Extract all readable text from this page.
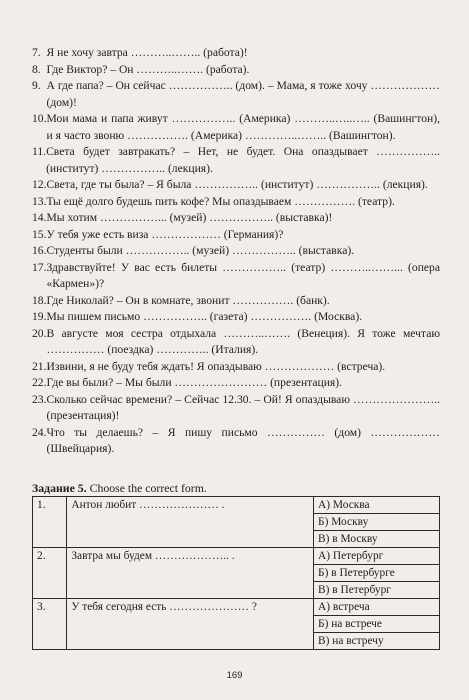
7. Я не хочу завтра ………..…….. (работа)!
8. Где Виктор? – Он ………..……. (работа).
9. А где папа? – Он сейчас …………….. (дом). – Мама, я тоже хочу ……………… (дом)!
10. Мои мама и папа живут …………….. (Америка) ………..…..….. (Вашингтон), и я часто звоню ……………. (Америка) …………..…….. (Вашингтон).
11. Света будет завтракать? – Нет, не будет. Она опаздывает …………….. (институт) …………….. (лекция).
12. Света, где ты была? – Я была …………….. (институт) …………….. (лекция).
13. Ты ещё долго будешь пить кофе? Мы опаздываем ……………. (театр).
14. Мы хотим ……………... (музей) …………….. (выставка)!
15. У тебя уже есть виза ……………… (Германия)?
16. Студенты были …………….. (музей) …………….. (выставка).
17. Здравствуйте! У вас есть билеты …………….. (театр) ………..……... (опера «Кармен»)?
18. Где Николай? – Он в комнате, звонит ……………. (банк).
19. Мы пишем письмо …………….. (газета) ……………. (Москва).
20. В августе моя сестра отдыхала ………..……. (Венеция). Я тоже мечтаю …………… (поездка) ………….. (Италия).
21. Извини, я не буду тебя ждать! Я опаздываю ……………… (встреча).
22. Где вы были? – Мы были …………………… (презентация).
23. Сколько сейчас времени? – Сейчас 12.30. – Ой! Я опаздываю ………………….. (презентация)!
24. Что ты делаешь? – Я пишу письмо …………… (дом) ……………… (Швейцария).
Задание 5. Choose the correct form.
1.	Антон любит ………………… .	А) Москва
		Б) Москву
		В) в Москву
2.	Завтра мы будем ……………….. .	А) Петербург
		Б) в Петербурге
		В) в Петербург
3.	У тебя сегодня есть ………………… ?	А) встреча
		Б) на встрече
		В) на встречу
169
